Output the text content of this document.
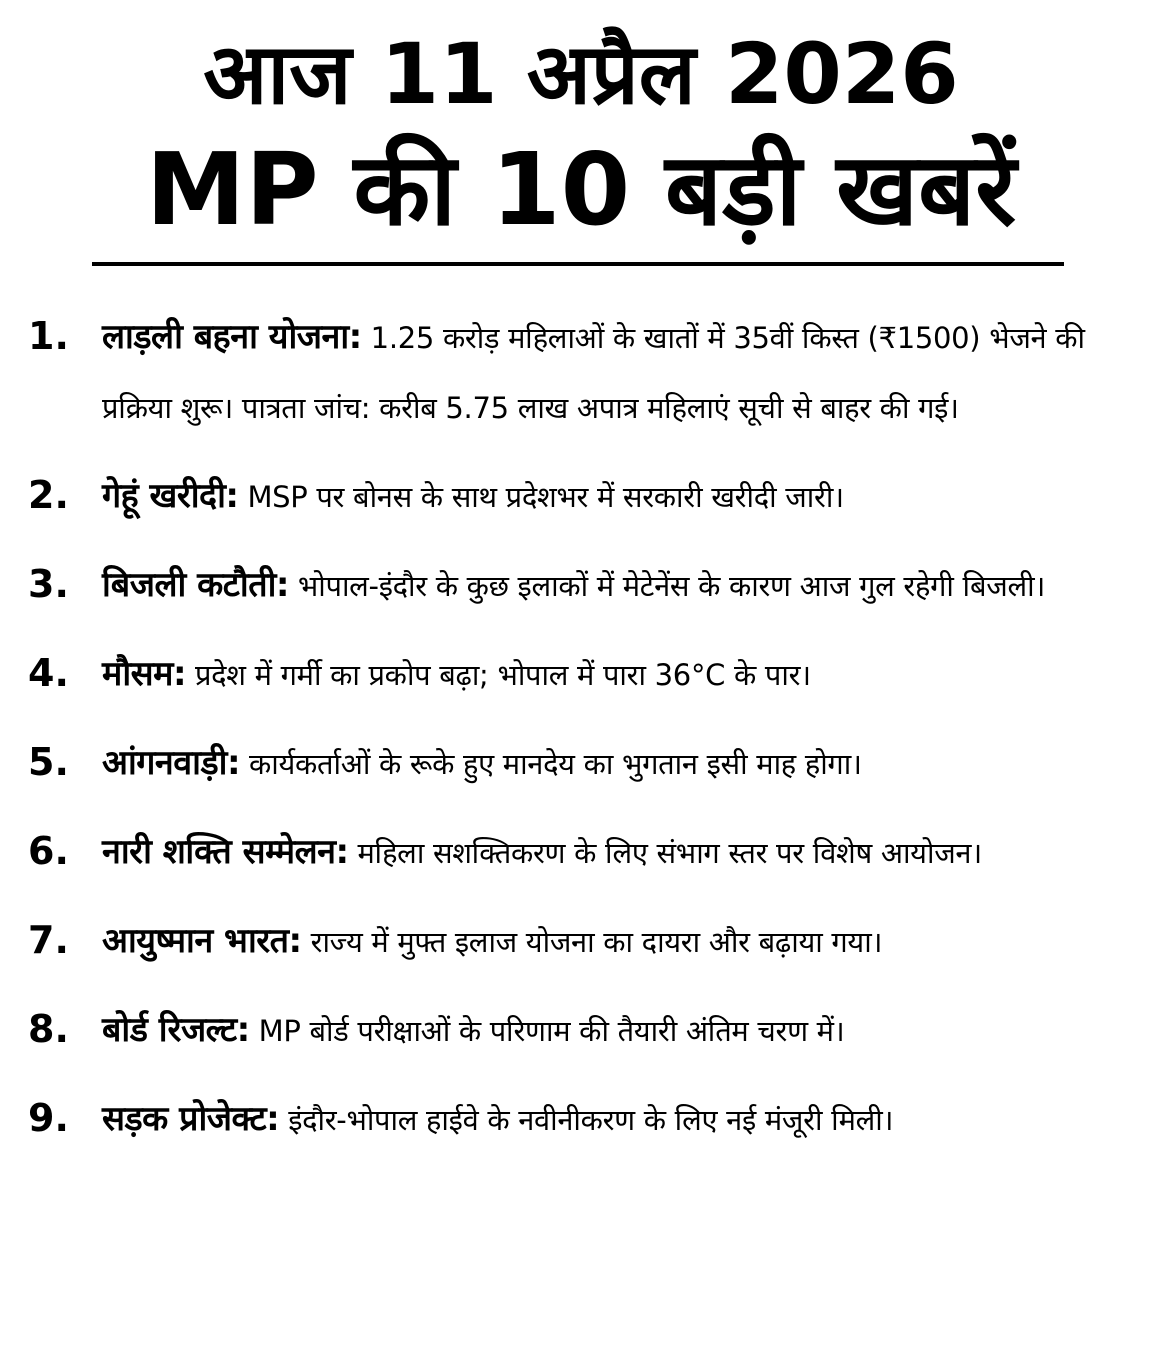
आज 11 अप्रैल 2026
MP की 10 बड़ी खबरें
1. लाड़ली बहना योजना: 1.25 करोड़ महिलाओं के खातों में 35वीं किस्त (₹1500) भेजने की प्रक्रिया शुरू। पात्रता जांच: करीब 5.75 लाख अपात्र महिलाएं सूची से बाहर की गई।
2. गेहूं खरीदी: MSP पर बोनस के साथ प्रदेशभर में सरकारी खरीदी जारी।
3. बिजली कटौती: भोपाल-इंदौर के कुछ इलाकों में मेटेनेंस के कारण आज गुल रहेगी बिजली।
4. मौसम: प्रदेश में गर्मी का प्रकोप बढ़ा; भोपाल में पारा 36°C के पार।
5. आंगनवाड़ी: कार्यकर्ताओं के रूके हुए मानदेय का भुगतान इसी माह होगा।
6. नारी शक्ति सम्मेलन: महिला सशक्तिकरण के लिए संभाग स्तर पर विशेष आयोजन।
7. आयुष्मान भारत: राज्य में मुफ्त इलाज योजना का दायरा और बढ़ाया गया।
8. बोर्ड रिजल्ट: MP बोर्ड परीक्षाओं के परिणाम की तैयारी अंतिम चरण में।
9. सड़क प्रोजेक्ट: इंदौर-भोपाल हाईवे के नवीनीकरण के लिए नई मंजूरी मिली।
